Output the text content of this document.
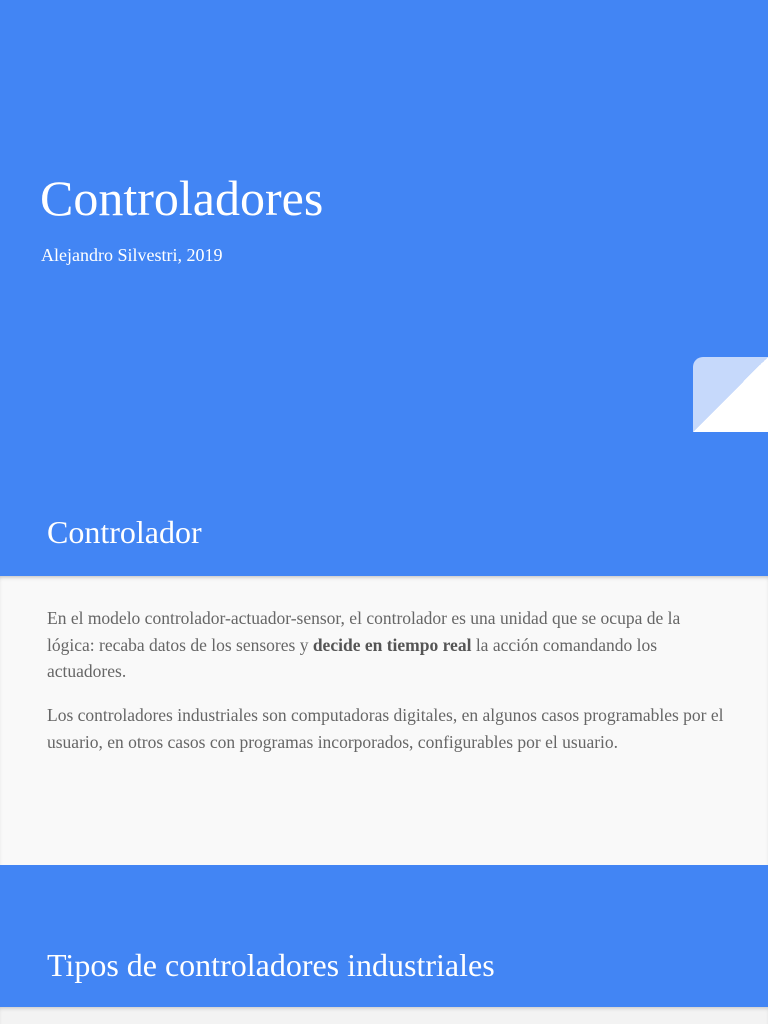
Controladores

Alejandro Silvestri, 2019

Controlador

En el modelo controlador-actuador-sensor, el controlador es una unidad que se ocupa de la lógica: recaba datos de los sensores y decide en tiempo real la acción comandando los actuadores.

Los controladores industriales son computadoras digitales, en algunos casos programables por el usuario, en otros casos con programas incorporados, configurables por el usuario.

Tipos de controladores industriales
